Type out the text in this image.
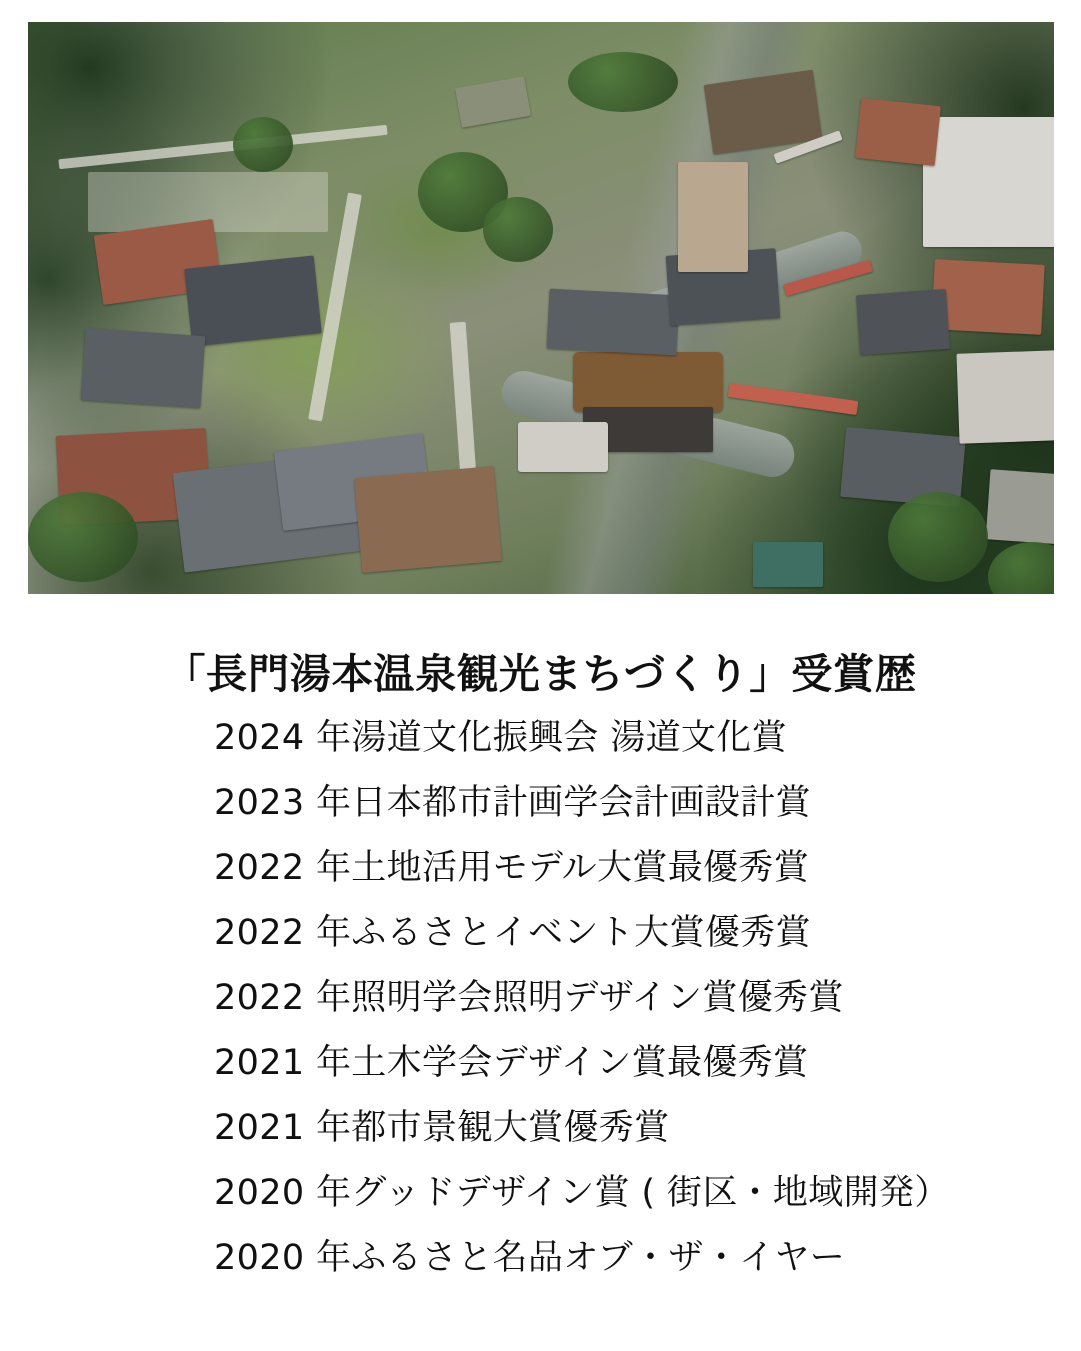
「長門湯本温泉観光まちづくり」受賞歴
2024 年湯道文化振興会 湯道文化賞
2023 年日本都市計画学会計画設計賞
2022 年土地活用モデル大賞最優秀賞
2022 年ふるさとイベント大賞優秀賞
2022 年照明学会照明デザイン賞優秀賞
2021 年土木学会デザイン賞最優秀賞
2021 年都市景観大賞優秀賞
2020 年グッドデザイン賞 ( 街区・地域開発）
2020 年ふるさと名品オブ・ザ・イヤー
